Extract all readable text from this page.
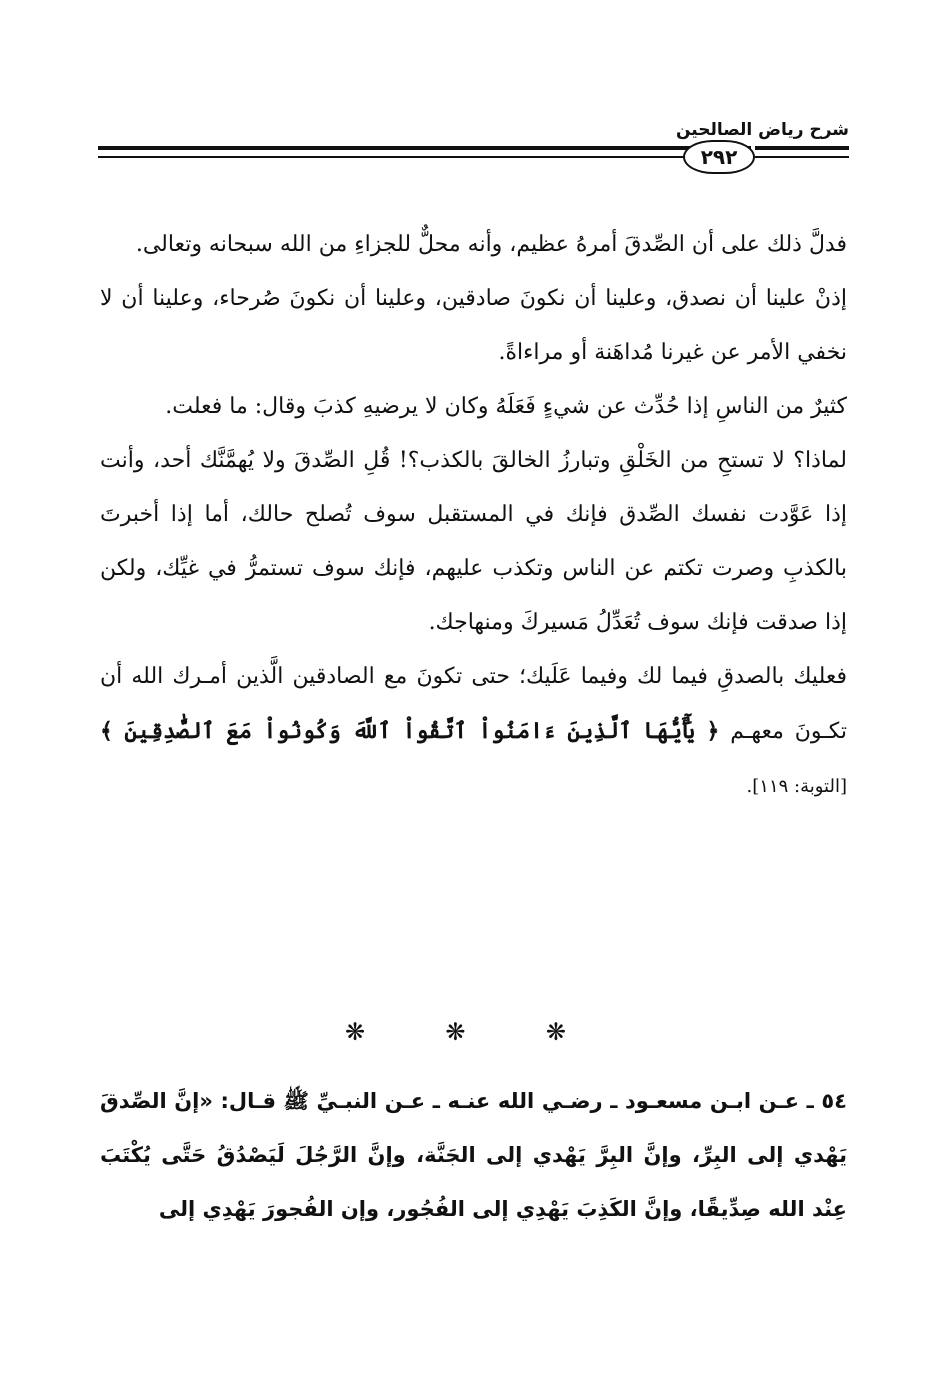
شرح رياض الصالحين
٢٩٢

فدلَّ ذلك على أن الصِّدقَ أمرهُ عظيم، وأنه محلٌّ للجزاءِ من الله سبحانه وتعالى.

إذنْ علينا أن نصدق، وعلينا أن نكونَ صادقين، وعلينا أن نكونَ صُرحاء، وعلينا أن لا نخفي الأمر عن غيرنا مُداهَنة أو مراءاةً.

كثيرٌ من الناسِ إذا حُدِّث عن شيءٍ فَعَلَهُ وكان لا يرضيهِ كذبَ وقال: ما فعلت.

لماذا؟ لا تستحِ من الخَلْقِ وتبارزُ الخالقَ بالكذب؟! قُلِ الصِّدقَ ولا يُهمَّنَّك أحد، وأنت إذا عَوَّدت نفسك الصِّدق فإنك في المستقبل سوف تُصلح حالك، أما إذا أخبرتَ بالكذبِ وصرت تكتم عن الناس وتكذب عليهم، فإنك سوف تستمرُّ في غيِّك، ولكن إذا صدقت فإنك سوف تُعَدِّلُ مَسيركَ ومنهاجك.

فعليك بالصدقِ فيما لك وفيما عَلَيك؛ حتى تكونَ مع الصادقين الَّذين أمـرك الله أن تكـونَ معهـم ﴿ يَٰٓأَيُّهَا ٱلَّذِينَ ءَامَنُواْ ٱتَّقُواْ ٱللَّهَ وَكُونُواْ مَعَ ٱلصَّٰدِقِينَ ﴾ [التوبة: ١١٩].

❋ ❋ ❋

٥٤ ـ عـن ابـن مسعـود ـ رضـي الله عنـه ـ عـن النبـيِّ ﷺ قـال: «إنَّ الصِّدقَ يَهْدي إلى البِرِّ، وإنَّ البِرَّ يَهْدي إلى الجَنَّة، وإنَّ الرَّجُلَ لَيَصْدُقُ حَتَّى يُكْتَبَ عِنْد الله صِدِّيقًا، وإنَّ الكَذِبَ يَهْدِي إلى الفُجُور، وإن الفُجورَ يَهْدِي إلى
